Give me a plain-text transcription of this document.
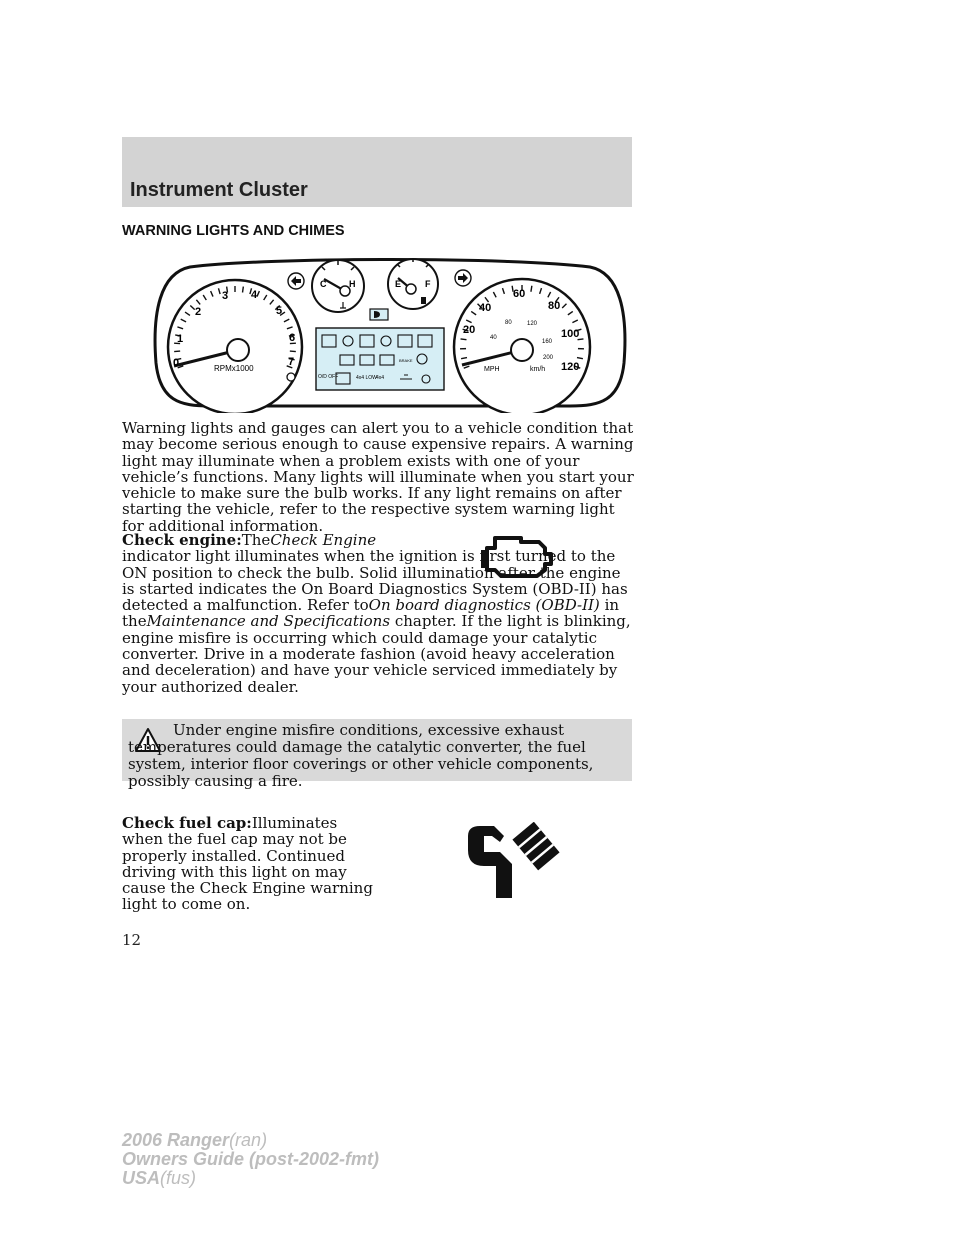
Instrument Cluster
WARNING LIGHTS AND CHIMES
0
1
2
3 4
5
6
7
RPMx1000
C	H	E	F
O/D OFF	4x4 LOW 4x4
BRAKE
20
40
60
80
100
120
40
80	120
160
200
MPH	km/h
Warning lights and gauges can alert you to a vehicle condition that may become serious enough to cause expensive repairs. A warning light may illuminate when a problem exists with one of your vehicle’s functions. Many lights will illuminate when you start your vehicle to make sure the bulb works. If any light remains on after starting the vehicle, refer to the respective system warning light for additional information.
Check engine:TheCheck Engine
indicator light illuminates when the ignition is first turned to the ON position to check the bulb. Solid illumination after the engine is started indicates the On Board Diagnostics System (OBD-II) has detected a malfunction. Refer toOn board diagnostics (OBD-II) in theMaintenance and Specifications chapter. If the light is blinking, engine misfire is occurring which could damage your catalytic converter. Drive in a moderate fashion (avoid heavy acceleration and deceleration) and have your vehicle serviced immediately by your authorized dealer.
Under engine misfire conditions, excessive exhaust temperatures could damage the catalytic converter, the fuel system, interior floor coverings or other vehicle components, possibly causing a fire.
Check fuel cap:Illuminates when the fuel cap may not be properly installed. Continued driving with this light on may cause the Check Engine warning light to come on.
12
2006 Ranger(ran)
Owners Guide (post-2002-fmt)
USA(fus)
